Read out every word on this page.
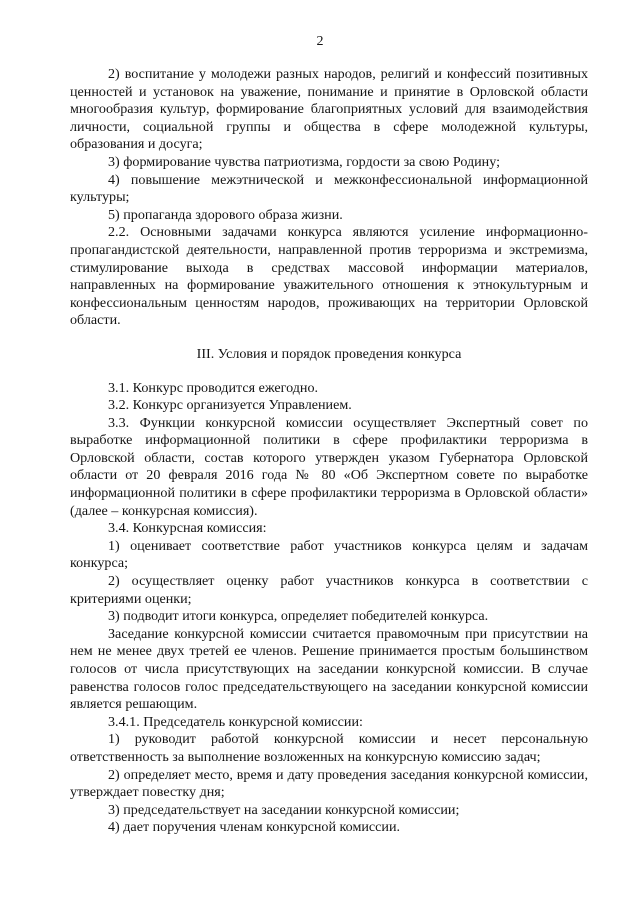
2

2) воспитание у молодежи разных народов, религий и конфессий позитивных ценностей и установок на уважение, понимание и принятие в Орловской области многообразия культур, формирование благоприятных условий для взаимодействия личности, социальной группы и общества в сфере молодежной культуры, образования и досуга;

3) формирование чувства патриотизма, гордости за свою Родину;

4) повышение межэтнической и межконфессиональной информационной культуры;

5) пропаганда здорового образа жизни.

2.2. Основными задачами конкурса являются усиление информационно-пропагандистской деятельности, направленной против терроризма и экстремизма, стимулирование выхода в средствах массовой информации материалов, направленных на формирование уважительного отношения к этнокультурным и конфессиональным ценностям народов, проживающих на территории Орловской области.

III. Условия и порядок проведения конкурса

3.1. Конкурс проводится ежегодно.

3.2. Конкурс организуется Управлением.

3.3. Функции конкурсной комиссии осуществляет Экспертный совет по выработке информационной политики в сфере профилактики терроризма в Орловской области, состав которого утвержден указом Губернатора Орловской области от 20 февраля 2016 года № 80 «Об Экспертном совете по выработке информационной политики в сфере профилактики терроризма в Орловской области» (далее – конкурсная комиссия).

3.4. Конкурсная комиссия:

1) оценивает соответствие работ участников конкурса целям и задачам конкурса;

2) осуществляет оценку работ участников конкурса в соответствии с критериями оценки;

3) подводит итоги конкурса, определяет победителей конкурса.

Заседание конкурсной комиссии считается правомочным при присутствии на нем не менее двух третей ее членов. Решение принимается простым большинством голосов от числа присутствующих на заседании конкурсной комиссии. В случае равенства голосов голос председательствующего на заседании конкурсной комиссии является решающим.

3.4.1. Председатель конкурсной комиссии:

1) руководит работой конкурсной комиссии и несет персональную ответственность за выполнение возложенных на конкурсную комиссию задач;

2) определяет место, время и дату проведения заседания конкурсной комиссии, утверждает повестку дня;

3) председательствует на заседании конкурсной комиссии;

4) дает поручения членам конкурсной комиссии.
